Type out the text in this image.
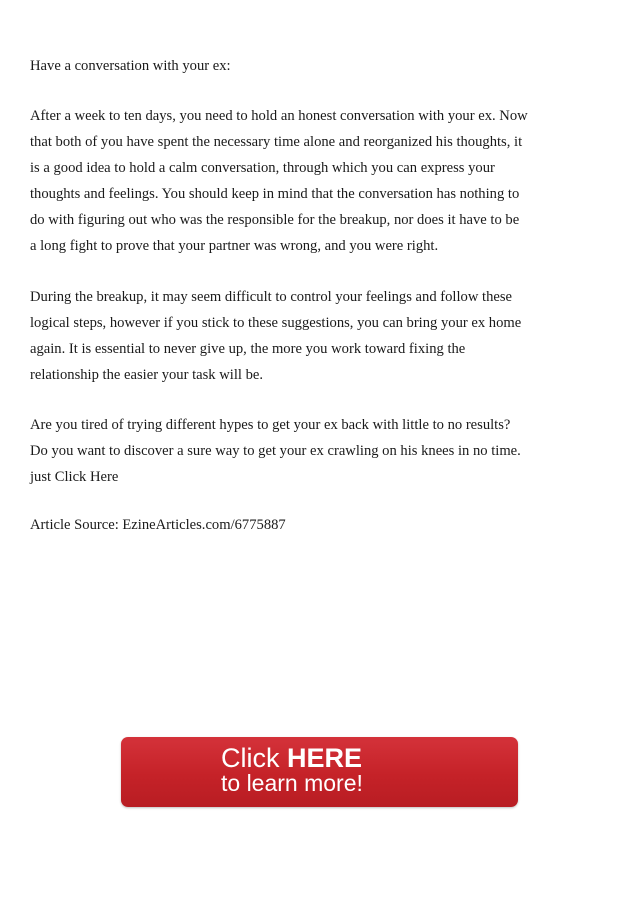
Have a conversation with your ex:

After a week to ten days, you need to hold an honest conversation with your ex. Now
that both of you have spent the necessary time alone and reorganized his thoughts, it
is a good idea to hold a calm conversation, through which you can express your
thoughts and feelings. You should keep in mind that the conversation has nothing to
do with figuring out who was the responsible for the breakup, nor does it have to be
a long fight to prove that your partner was wrong, and you were right.
During the breakup, it may seem difficult to control your feelings and follow these
logical steps, however if you stick to these suggestions, you can bring your ex home
again. It is essential to never give up, the more you work toward fixing the
relationship the easier your task will be.
Are you tired of trying different hypes to get your ex back with little to no results?
Do you want to discover a sure way to get your ex crawling on his knees in no time.
just Click Here

Article Source: EzineArticles.com/6775887

Click HERE
to learn more!
